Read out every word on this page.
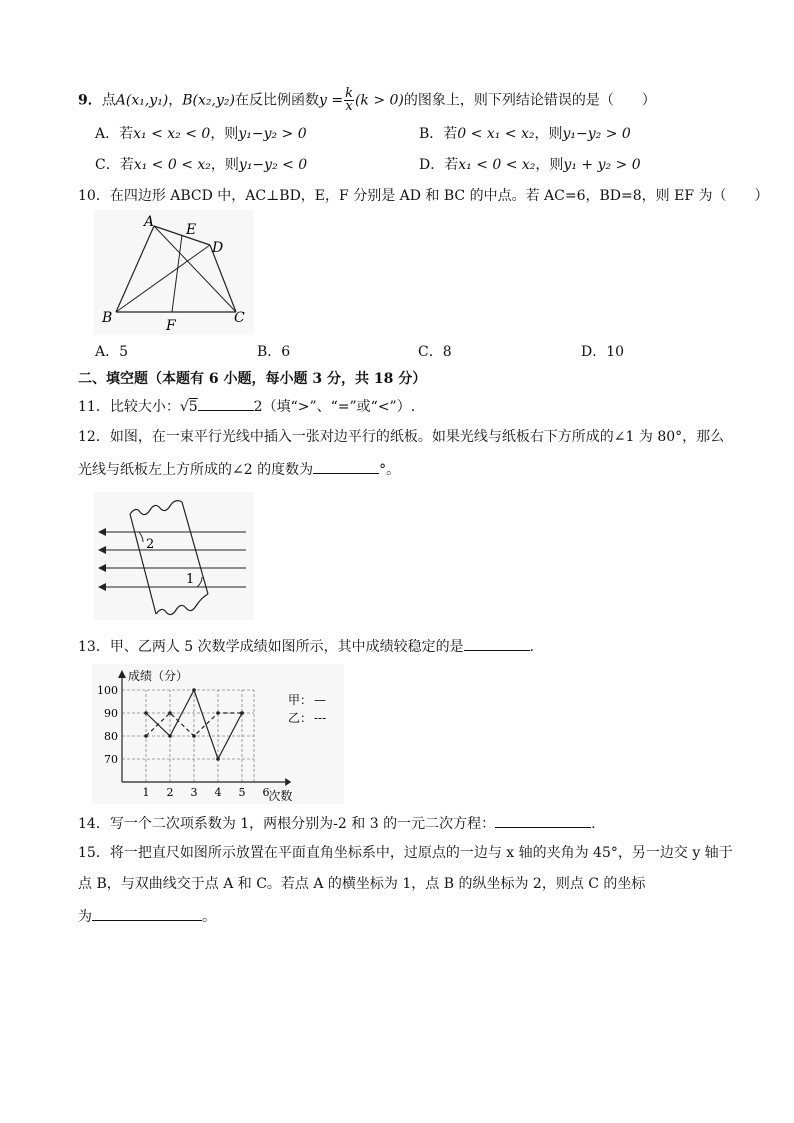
9．点A(x₁,y₁)，B(x₂,y₂)在反比例函数$y = \frac{k}{x} (k > 0)$的图象上，则下列结论错误的是（　　）
A．若x₁ < x₂ < 0，则y₁−y₂ > 0	B．若0 < x₁ < x₂，则y₁−y₂ > 0
C．若x₁ < 0 < x₂，则y₁−y₂ < 0	D．若x₁ < 0 < x₂，则y₁ + y₂ > 0
10．在四边形 ABCD 中，AC⊥BD，E，F 分别是 AD 和 BC 的中点。若 AC=6，BD=8，则 EF 为（　　）
A E
D
B	F	C
A．5	B．6	C．8	D．10
二、填空题（本题有 6 小题，每小题 3 分，共 18 分）
11．比较大小：√5	2（填“>”、“=”或“<”）.
12．如图，在一束平行光线中插入一张对边平行的纸板。如果光线与纸板右下方所成的∠1 为 80°，那么
光线与纸板左上方所成的∠2 的度数为	°。
2
1
13．甲、乙两人 5 次数学成绩如图所示，其中成绩较稳定的是	.
70
80
90
100
1 2 3 4 5 6
成绩（分）
次数
甲： —
乙： ---
14．写一个二次项系数为 1，两根分别为-2 和 3 的一元二次方程：	.
15．将一把直尺如图所示放置在平面直角坐标系中，过原点的一边与 x 轴的夹角为 45°，另一边交 y 轴于
点 B，与双曲线交于点 A 和 C。若点 A 的横坐标为 1，点 B 的纵坐标为 2，则点 C 的坐标
为	。
